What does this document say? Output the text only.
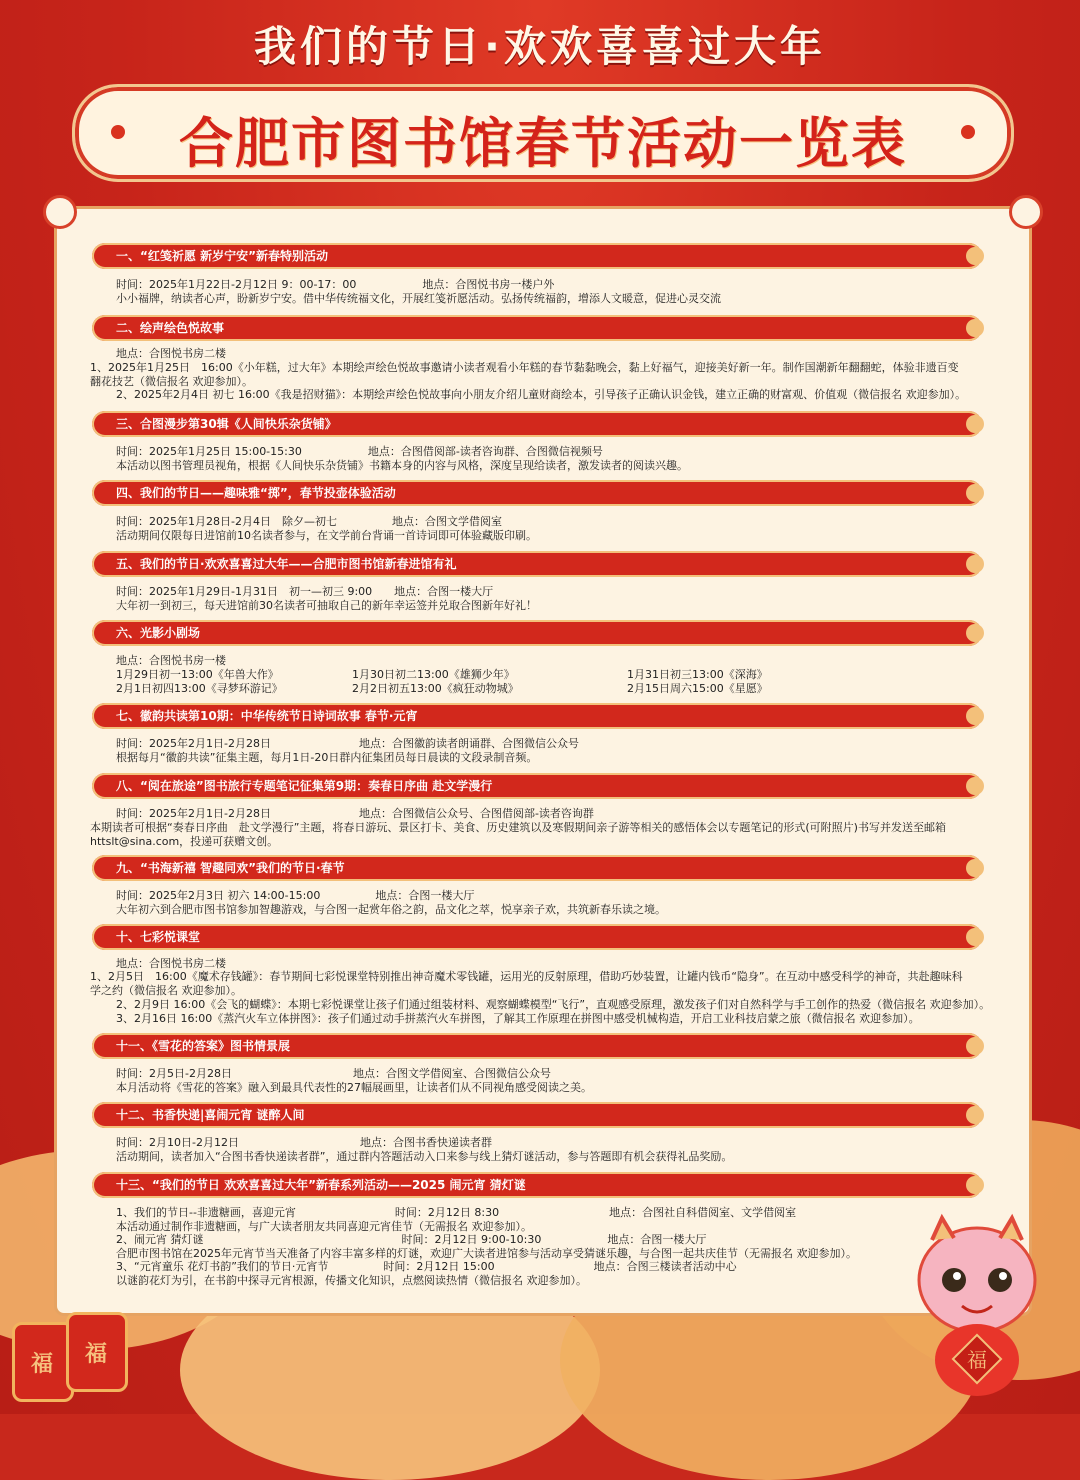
我们的节日·欢欢喜喜过大年
合肥市图书馆春节活动一览表
一、“红笺祈愿 新岁宁安”新春特别活动
时间：2025年1月22日-2月12日 9：00-17：00　　　　　　地点：合图悦书房一楼户外
小小福牌，纳读者心声，盼新岁宁安。借中华传统福文化，开展红笺祈愿活动。弘扬传统福韵，增添人文暖意，促进心灵交流
二、绘声绘色悦故事
地点：合图悦书房二楼
1、2025年1月25日　16:00《小年糕，过大年》本期绘声绘色悦故事邀请小读者观看小年糕的春节黏黏晚会，黏上好福气，迎接美好新一年。制作国潮新年翻翻蛇，体验非遗百变翻花技艺（微信报名 欢迎参加）。
2、2025年2月4日 初七 16:00《我是招财猫》：本期绘声绘色悦故事向小朋友介绍儿童财商绘本，引导孩子正确认识金钱，建立正确的财富观、价值观（微信报名 欢迎参加）。
三、合图漫步第30辑《人间快乐杂货铺》
时间：2025年1月25日 15:00-15:30　　　　　　地点：合图借阅部-读者咨询群、合图微信视频号
本活动以图书管理员视角，根据《人间快乐杂货铺》书籍本身的内容与风格，深度呈现给读者，激发读者的阅读兴趣。
四、我们的节日——趣味雅“掷”，春节投壶体验活动
时间：2025年1月28日-2月4日　除夕—初七　　　　　地点：合图文学借阅室
活动期间仅限每日进馆前10名读者参与，在文学前台背诵一首诗词即可体验藏版印刷。
五、我们的节日·欢欢喜喜过大年——合肥市图书馆新春进馆有礼
时间：2025年1月29日-1月31日　初一—初三 9:00　　地点：合图一楼大厅
大年初一到初三，每天进馆前30名读者可抽取自己的新年幸运签并兑取合图新年好礼！
六、光影小剧场
地点：合图悦书房一楼
1月29日初一13:00《年兽大作》	1月30日初二13:00《雄狮少年》	1月31日初三13:00《深海》
2月1日初四13:00《寻梦环游记》	2月2日初五13:00《疯狂动物城》	2月15日周六15:00《星愿》
七、徽韵共读第10期：中华传统节日诗词故事 春节·元宵
时间：2025年2月1日-2月28日　　　　　　　　地点：合图徽韵读者朗诵群、合图微信公众号
根据每月“徽韵共读”征集主题，每月1日-20日群内征集团员每日晨读的文段录制音频。
八、“阅在旅途”图书旅行专题笔记征集第9期：奏春日序曲 赴文学漫行
时间：2025年2月1日-2月28日　　　　　　　　地点：合图微信公众号、合图借阅部-读者咨询群
本期读者可根据“奏春日序曲　赴文学漫行”主题，将春日游玩、景区打卡、美食、历史建筑以及寒假期间亲子游等相关的感悟体会以专题笔记的形式(可附照片)书写并发送至邮箱httslt@sina.com，投递可获赠文创。
九、“书海新禧 智趣同欢”我们的节日·春节
时间：2025年2月3日 初六 14:00-15:00　　　　　地点：合图一楼大厅
大年初六到合肥市图书馆参加智趣游戏，与合图一起赏年俗之韵，品文化之萃，悦享亲子欢，共筑新春乐读之境。
十、七彩悦课堂
地点：合图悦书房二楼
1、2月5日　16:00《魔术存钱罐》：春节期间七彩悦课堂特别推出神奇魔术零钱罐，运用光的反射原理，借助巧妙装置，让罐内钱币“隐身”。在互动中感受科学的神奇，共赴趣味科学之约（微信报名 欢迎参加）。
2、2月9日 16:00《会飞的蝴蝶》：本期七彩悦课堂让孩子们通过组装材料、观察蝴蝶模型“飞行”，直观感受原理，激发孩子们对自然科学与手工创作的热爱（微信报名 欢迎参加）。
3、2月16日 16:00《蒸汽火车立体拼图》：孩子们通过动手拼蒸汽火车拼图，了解其工作原理在拼图中感受机械构造，开启工业科技启蒙之旅（微信报名 欢迎参加）。
十一、《雪花的答案》图书情景展
时间：2月5日-2月28日　　　　　　　　　　　地点：合图文学借阅室、合图微信公众号
本月活动将《雪花的答案》融入到最具代表性的27幅展画里，让读者们从不同视角感受阅读之美。
十二、书香快递|喜闹元宵 谜醉人间
时间：2月10日-2月12日　　　　　　　　　　　地点：合图书香快递读者群
活动期间，读者加入“合图书香快递读者群”，通过群内答题活动入口来参与线上猜灯谜活动，参与答题即有机会获得礼品奖励。
十三、“我们的节日 欢欢喜喜过大年”新春系列活动——2025 闹元宵 猜灯谜
1、我们的节日--非遗糖画，喜迎元宵　　　　　　　　　时间：2月12日 8:30　　　　　　　　　　地点：合图社自科借阅室、文学借阅室
本活动通过制作非遗糖画，与广大读者朋友共同喜迎元宵佳节（无需报名 欢迎参加）。
2、闹元宵 猜灯谜　　　　　　　　　　　　　　　　　　时间：2月12日 9:00-10:30　　　　　　地点：合图一楼大厅
合肥市图书馆在2025年元宵节当天准备了内容丰富多样的灯谜，欢迎广大读者进馆参与活动享受猜谜乐趣，与合图一起共庆佳节（无需报名 欢迎参加）。
3、“元宵童乐 花灯书韵”我们的节日·元宵节　　　　　时间：2月12日 15:00　　　　　　　　　地点：合图三楼读者活动中心
以谜韵花灯为引，在书韵中探寻元宵根源，传播文化知识，点燃阅读热情（微信报名 欢迎参加）。
福 福	福
